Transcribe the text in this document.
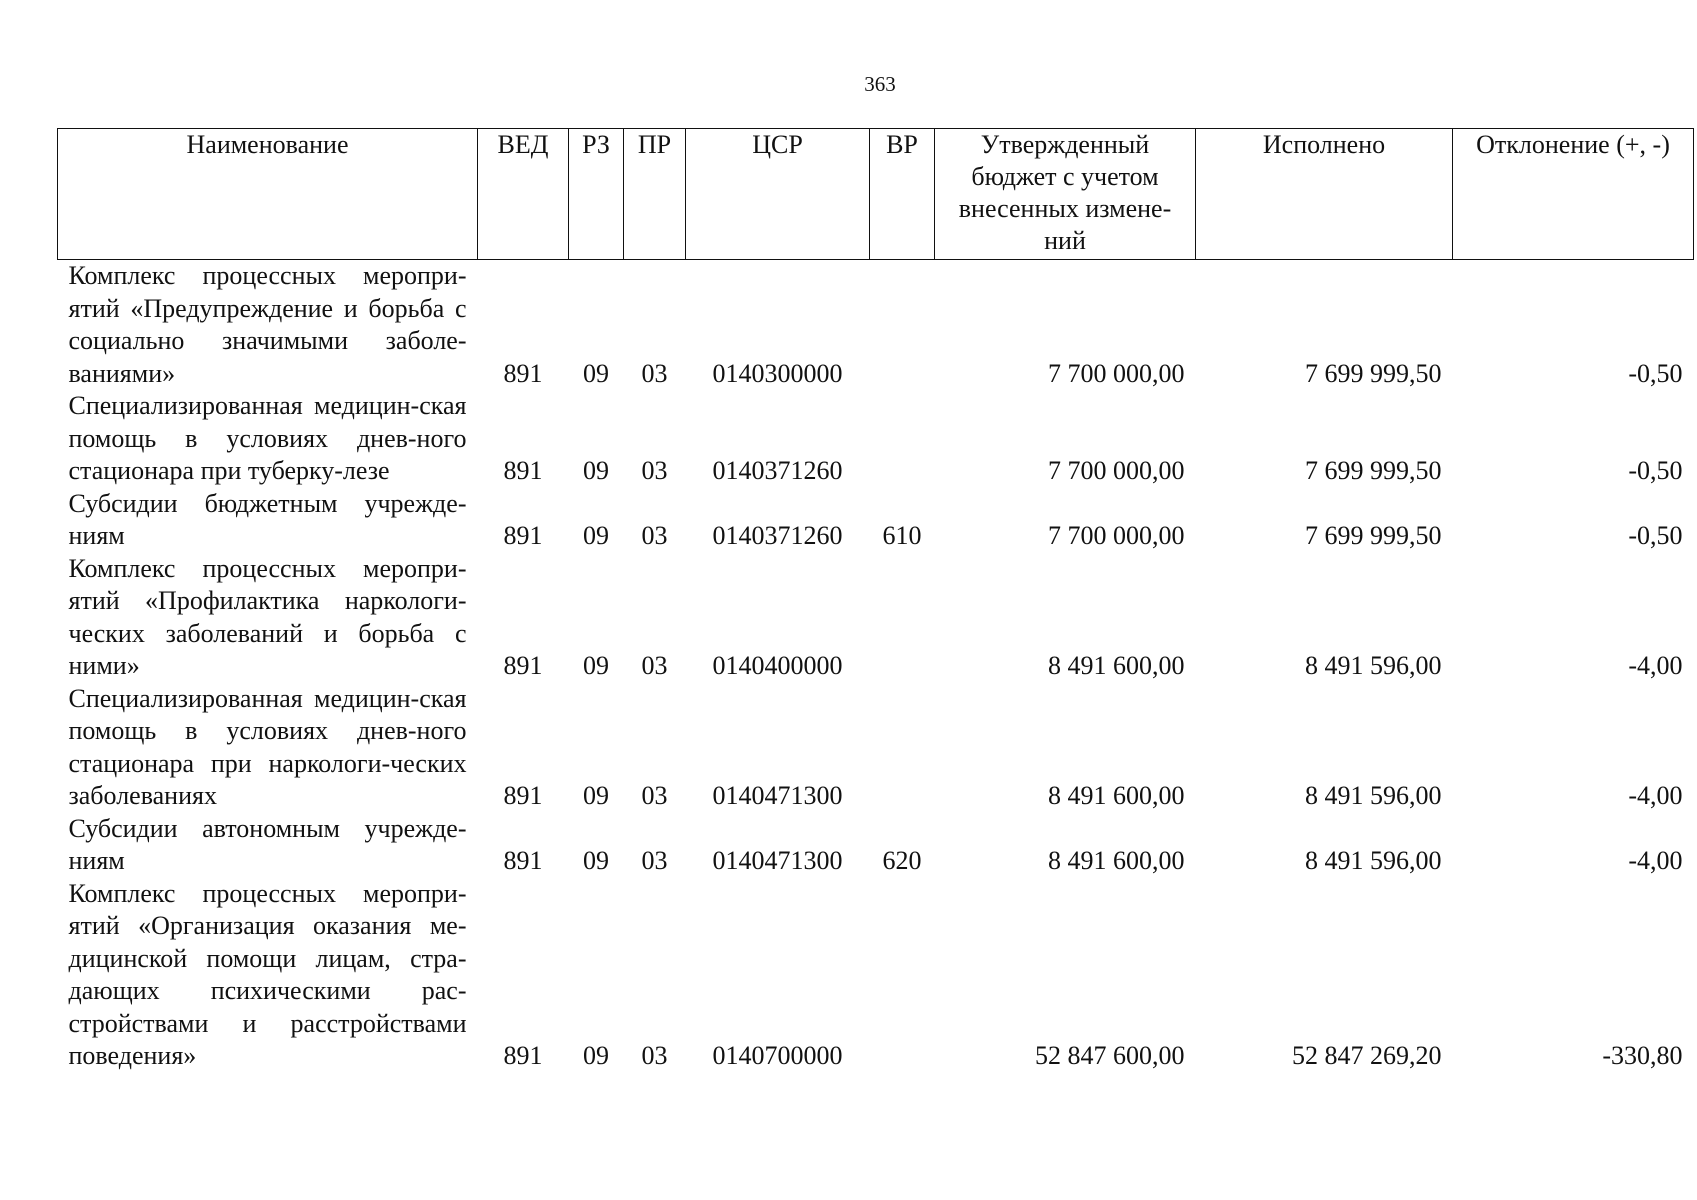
363
Наименование	ВЕД	РЗ	ПР	ЦСР	ВР	Утвержденный бюджет с учетом внесенных измене-ний	Исполнено	Отклонение (+, -)
Комплекс процессных меропри-ятий «Предупреждение и борьба с социально значимыми заболе-ваниями»	891	09	03	0140300000		7 700 000,00	7 699 999,50	-0,50
Специализированная медицин-ская помощь в условиях днев-ного стационара при туберку-лезе	891	09	03	0140371260		7 700 000,00	7 699 999,50	-0,50
Субсидии бюджетным учрежде-ниям	891	09	03	0140371260	610	7 700 000,00	7 699 999,50	-0,50
Комплекс процессных меропри-ятий «Профилактика наркологи-ческих заболеваний и борьба с ними»	891	09	03	0140400000		8 491 600,00	8 491 596,00	-4,00
Специализированная медицин-ская помощь в условиях днев-ного стационара при наркологи-ческих заболеваниях	891	09	03	0140471300		8 491 600,00	8 491 596,00	-4,00
Субсидии автономным учрежде-ниям	891	09	03	0140471300	620	8 491 600,00	8 491 596,00	-4,00
Комплекс процессных меропри-ятий «Организация оказания ме-дицинской помощи лицам, стра-дающих психическими рас-стройствами и расстройствами поведения»	891	09	03	0140700000		52 847 600,00	52 847 269,20	-330,80
